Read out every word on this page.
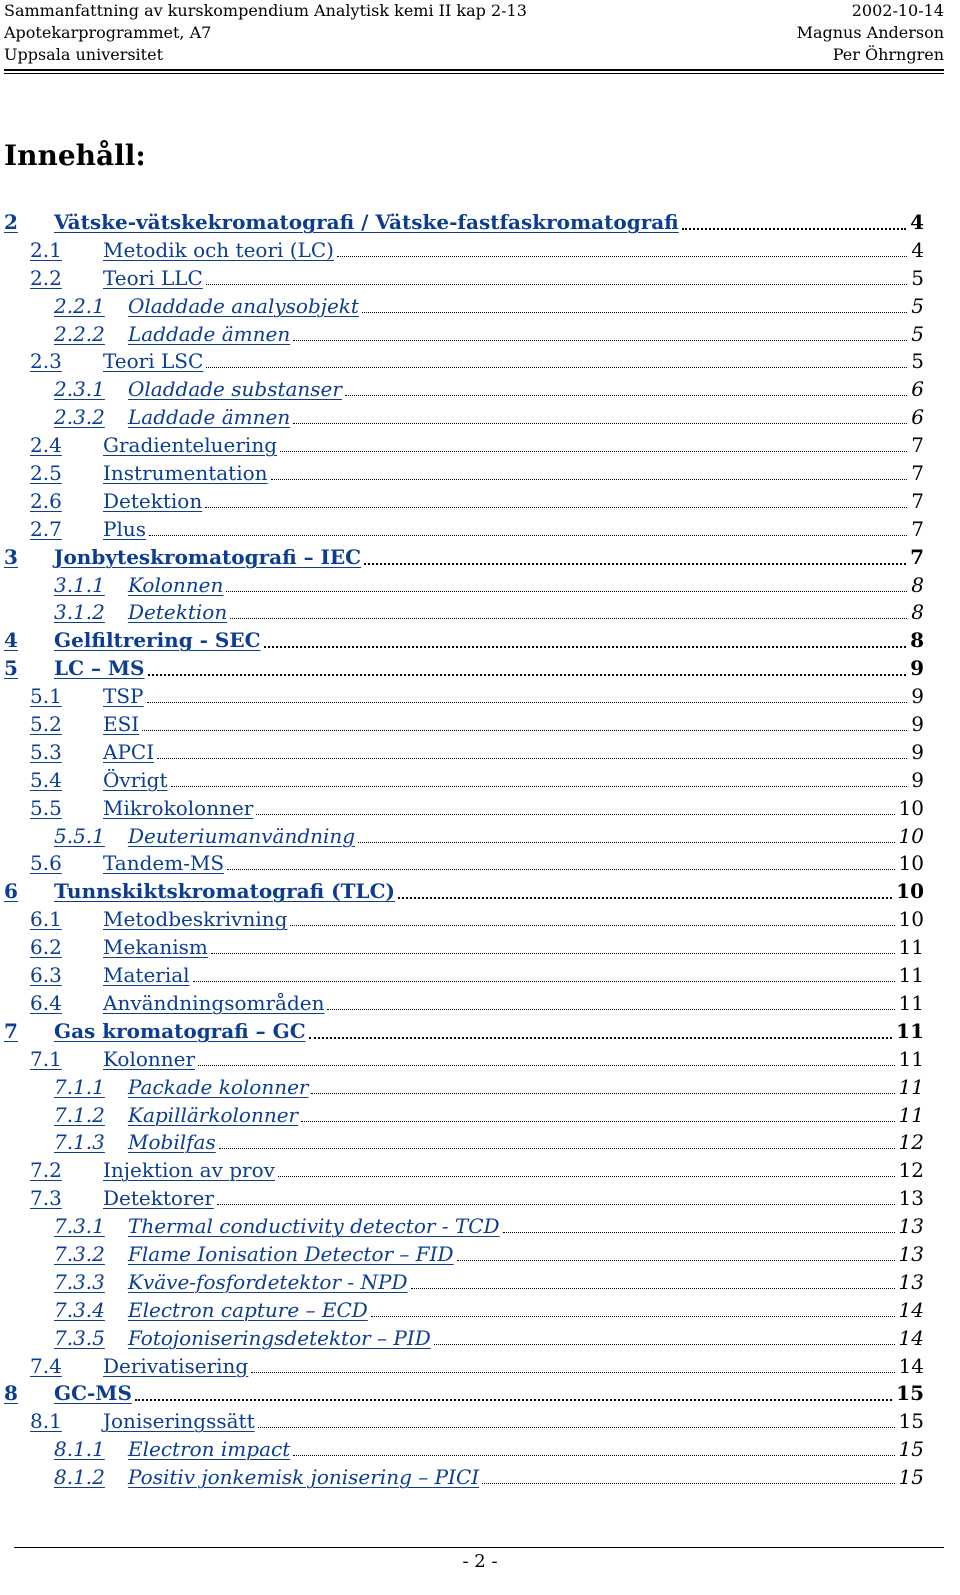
Sammanfattning av kurskompendium Analytisk kemi II kap 2-13	2002-10-14
Apotekarprogrammet, A7	Magnus Anderson
Uppsala universitet	Per Öhrngren
Innehåll:
2 Vätske-vätskekromatografi / Vätske-fastfaskromatografi	4
2.1 Metodik och teori (LC)	4
2.2 Teori LLC	5
2.2.1 Oladdade analysobjekt	5
2.2.2 Laddade ämnen	5
2.3 Teori LSC	5
2.3.1 Oladdade substanser	6
2.3.2 Laddade ämnen	6
2.4 Gradienteluering	7
2.5 Instrumentation	7
2.6 Detektion	7
2.7 Plus	7
3 Jonbyteskromatografi – IEC	7
3.1.1 Kolonnen	8
3.1.2 Detektion	8
4 Gelfiltrering - SEC	8
5 LC – MS	9
5.1 TSP	9
5.2 ESI	9
5.3 APCI	9
5.4 Övrigt	9
5.5 Mikrokolonner	10
5.5.1 Deuteriumanvändning	10
5.6 Tandem-MS	10
6 Tunnskiktskromatografi (TLC)	10
6.1 Metodbeskrivning	10
6.2 Mekanism	11
6.3 Material	11
6.4 Användningsområden	11
7 Gas kromatografi – GC	11
7.1 Kolonner	11
7.1.1 Packade kolonner	11
7.1.2 Kapillärkolonner	11
7.1.3 Mobilfas	12
7.2 Injektion av prov	12
7.3 Detektorer	13
7.3.1 Thermal conductivity detector - TCD	13
7.3.2 Flame Ionisation Detector – FID	13
7.3.3 Kväve-fosfordetektor - NPD	13
7.3.4 Electron capture – ECD	14
7.3.5 Fotojoniseringsdetektor – PID	14
7.4 Derivatisering	14
8 GC-MS	15
8.1 Joniseringssätt	15
8.1.1 Electron impact	15
8.1.2 Positiv jonkemisk jonisering – PICI	15
- 2 -
